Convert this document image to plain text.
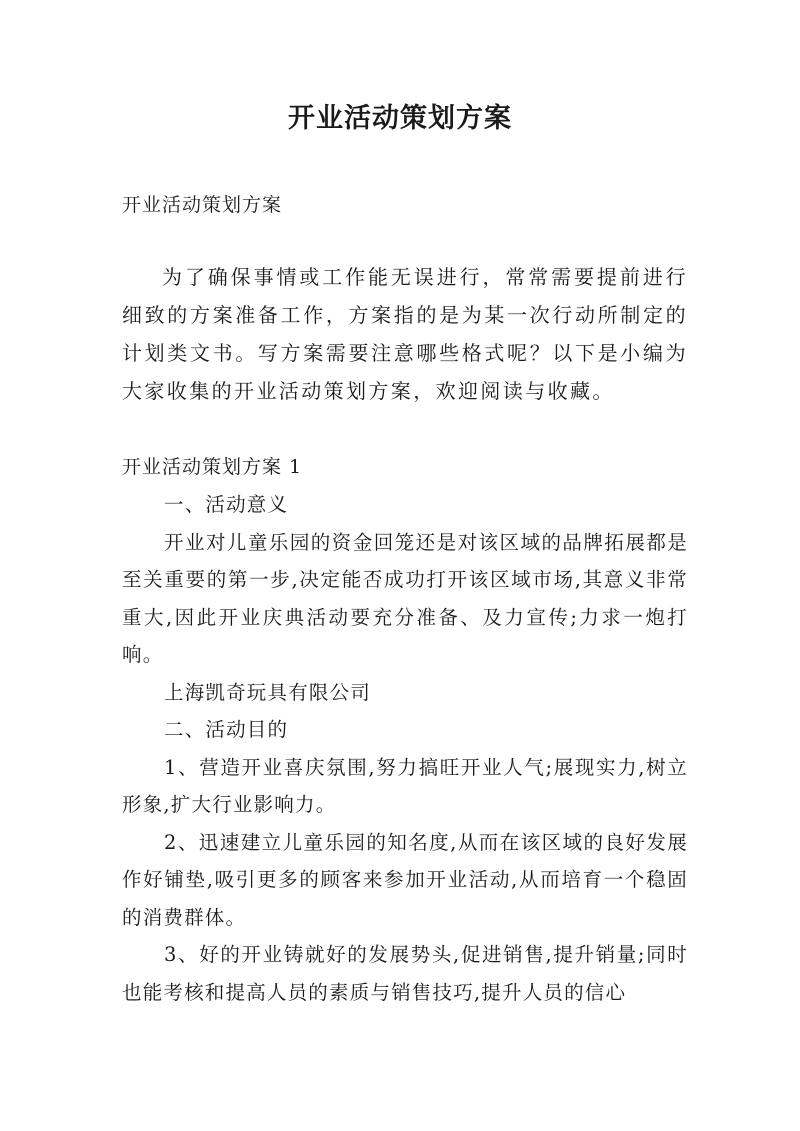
开业活动策划方案

开业活动策划方案

为了确保事情或工作能无误进行，常常需要提前进行细致的方案准备工作，方案指的是为某一次行动所制定的计划类文书。写方案需要注意哪些格式呢？以下是小编为大家收集的开业活动策划方案，欢迎阅读与收藏。

开业活动策划方案 1

一、活动意义

开业对儿童乐园的资金回笼还是对该区域的品牌拓展都是至关重要的第一步,决定能否成功打开该区域市场,其意义非常重大,因此开业庆典活动要充分准备、及力宣传;力求一炮打响。

上海凯奇玩具有限公司

二、活动目的

1、营造开业喜庆氛围,努力搞旺开业人气;展现实力,树立形象,扩大行业影响力。

2、迅速建立儿童乐园的知名度,从而在该区域的良好发展作好铺垫,吸引更多的顾客来参加开业活动,从而培育一个稳固的消费群体。

3、好的开业铸就好的发展势头,促进销售,提升销量;同时也能考核和提高人员的素质与销售技巧,提升人员的信心
